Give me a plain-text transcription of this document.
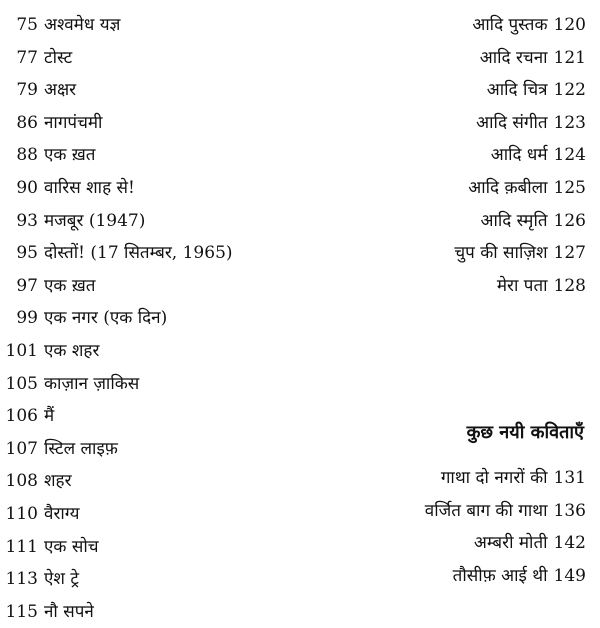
75 अश्वमेध यज्ञ
77 टोस्ट
79 अक्षर
86 नागपंचमी
88 एक ख़त
90 वारिस शाह से!
93 मजबूर (1947)
95 दोस्तों! (17 सितम्बर, 1965)
97 एक ख़त
99 एक नगर (एक दिन)
101 एक शहर
105 काज़ान ज़ाकिस
106 मैं
107 स्टिल लाइफ़
108 शहर
110 वैराग्य
111 एक सोच
113 ऐश ट्रे
115 नौ सपने
आदि पुस्तक 120
आदि रचना 121
आदि चित्र 122
आदि संगीत 123
आदि धर्म 124
आदि क़बीला 125
आदि स्मृति 126
चुप की साज़िश 127
मेरा पता 128
कुछ नयी कविताएँ
गाथा दो नगरों की 131
वर्जित बाग की गाथा 136
अम्बरी मोती 142
तौसीफ़ आई थी 149
